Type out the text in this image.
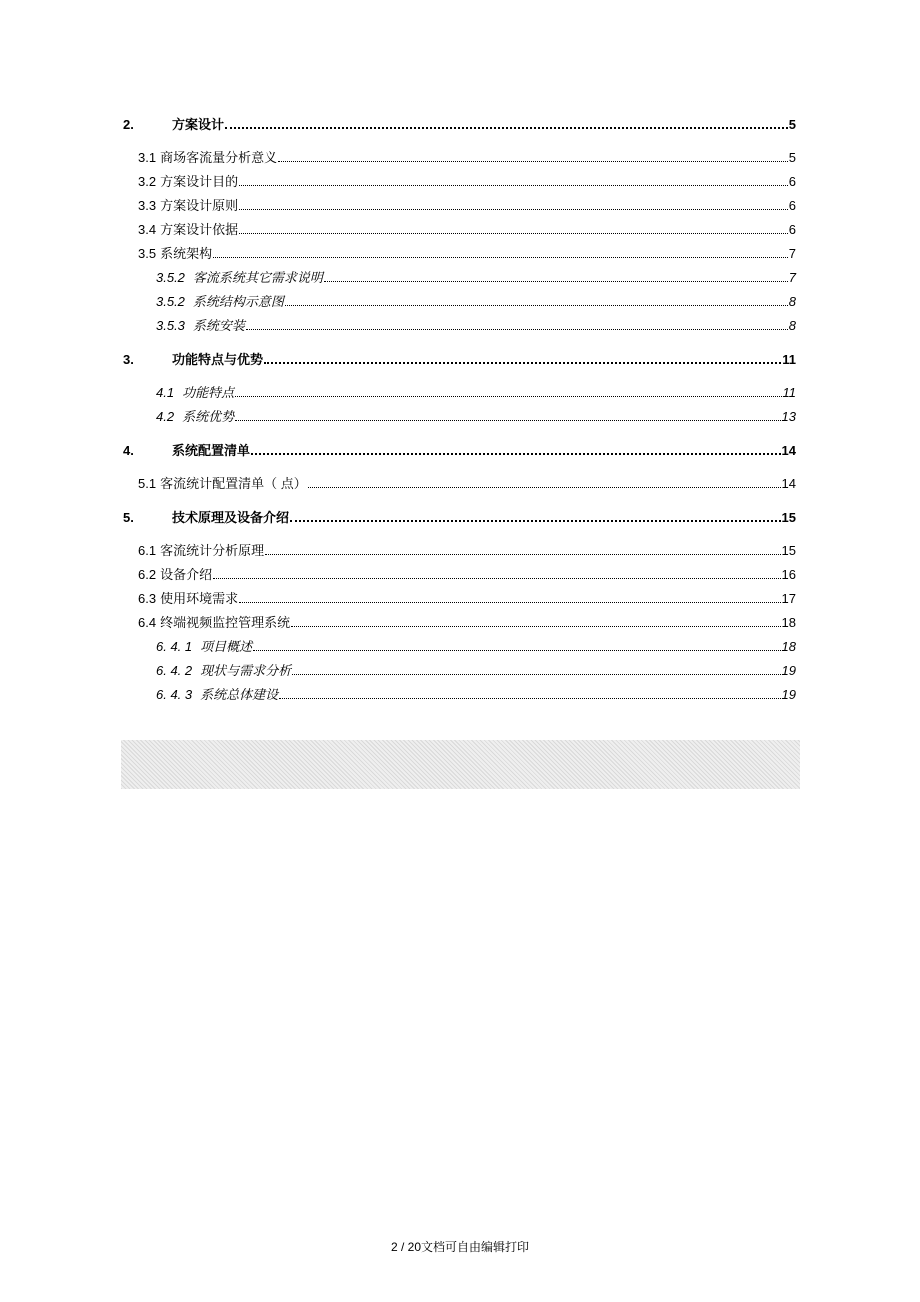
2.	方案设计	5
3.1 商场客流量分析意义	5
3.2 方案设计目的	6
3.3 方案设计原则	6
3.4 方案设计依据	6
3.5 系统架构	7
3.5.2 客流系统其它需求说明	7
3.5.2 系统结构示意图	8
3.5.3 系统安装	8
3.	功能特点与优势	11
4.1 功能特点	11
4.2 系统优势	13
4.	系统配置清单	14
5.1 客流统计配置清单（ 点）	14
5.	技术原理及设备介绍	15
6.1 客流统计分析原理	15
6.2 设备介绍	16
6.3 使用环境需求	17
6.4 终端视频监控管理系统	18
6. 4. 1 项目概述	18
6. 4. 2 现状与需求分析	19
6. 4. 3 系统总体建设	19
2 / 20文档可自由编辑打印
